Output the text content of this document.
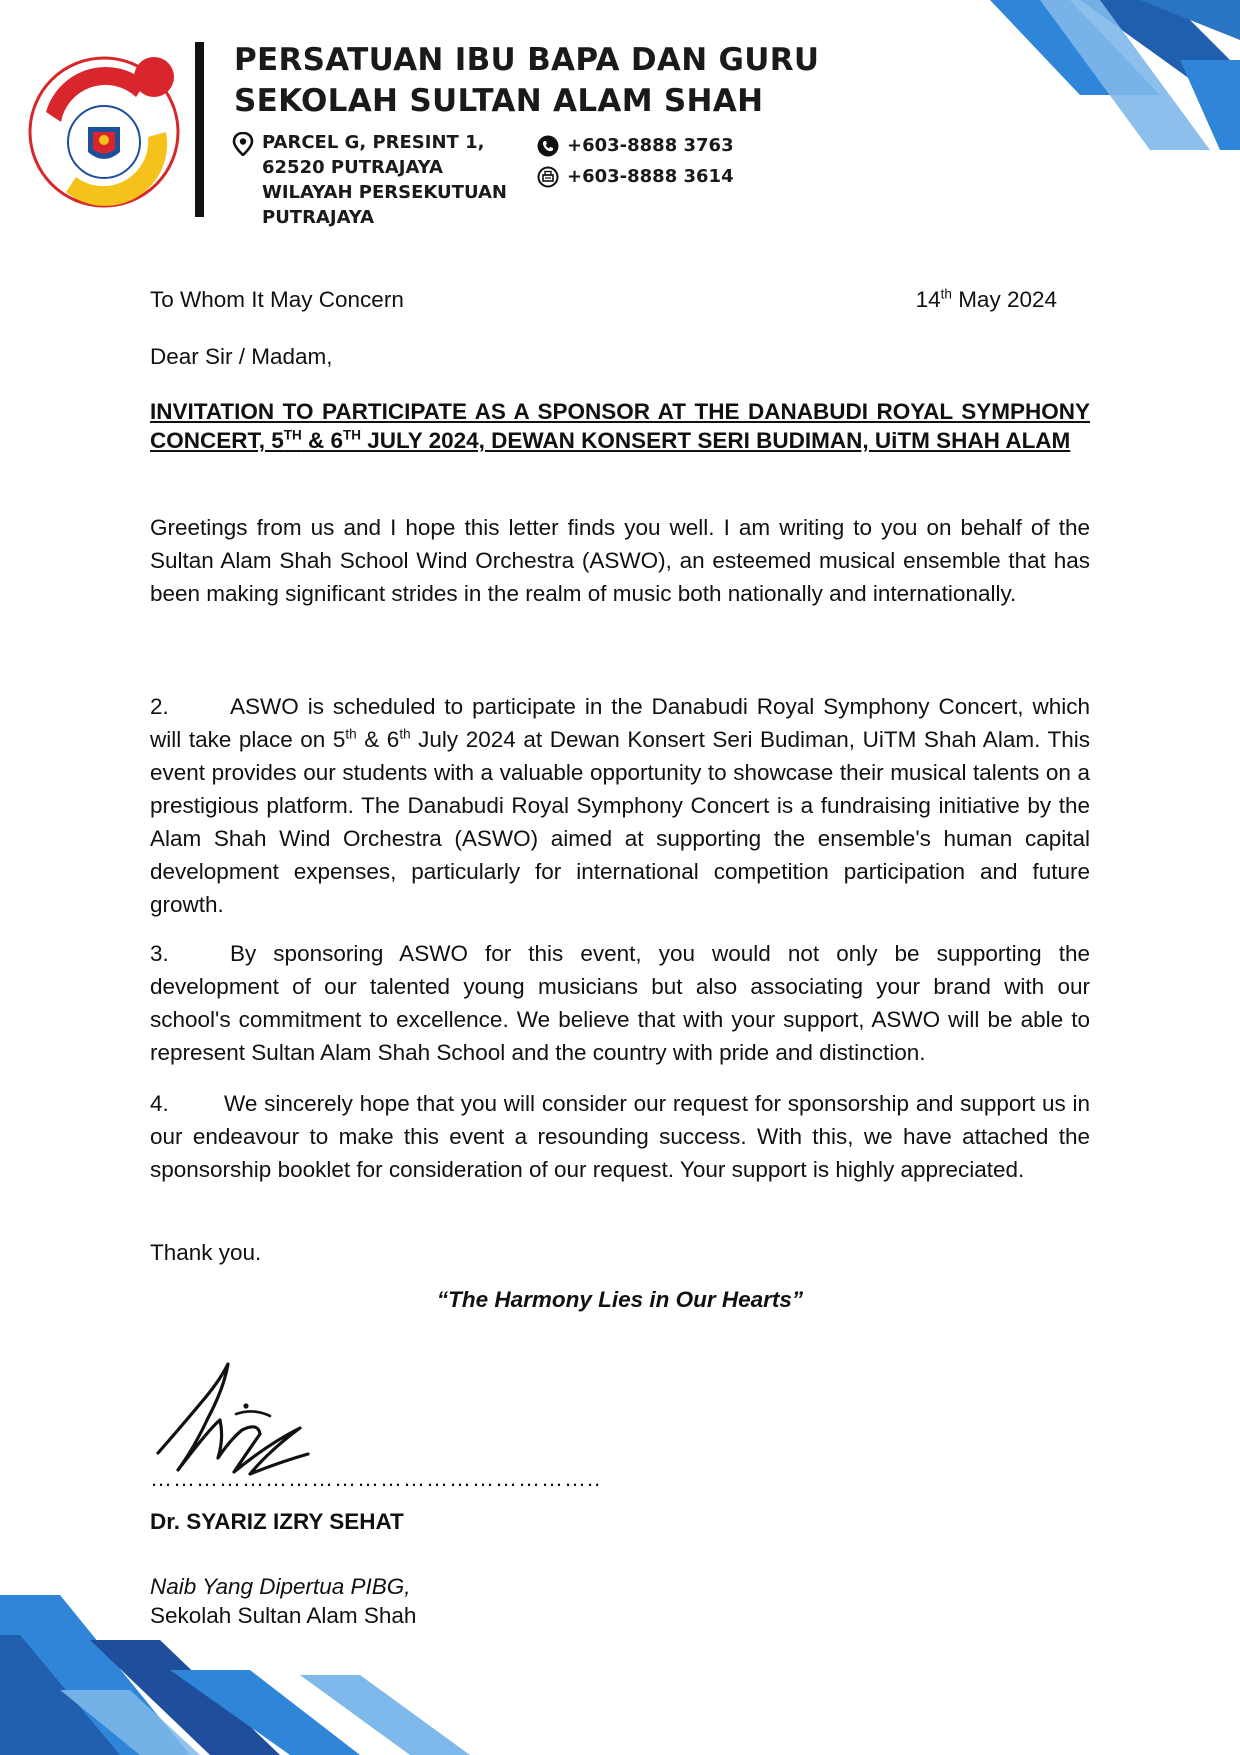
PERSATUAN IBU BAPA DAN GURU
SEKOLAH SULTAN ALAM SHAH
PARCEL G, PRESINT 1,
62520 PUTRAJAYA
WILAYAH PERSEKUTUAN
PUTRAJAYA
+603-8888 3763
+603-8888 3614
To Whom It May Concern	14th May 2024
Dear Sir / Madam,
INVITATION TO PARTICIPATE AS A SPONSOR AT THE DANABUDI ROYAL SYMPHONY CONCERT, 5TH & 6TH JULY 2024, DEWAN KONSERT SERI BUDIMAN, UiTM SHAH ALAM
Greetings from us and I hope this letter finds you well. I am writing to you on behalf of the Sultan Alam Shah School Wind Orchestra (ASWO), an esteemed musical ensemble that has been making significant strides in the realm of music both nationally and internationally.
2.	ASWO is scheduled to participate in the Danabudi Royal Symphony Concert, which will take place on 5th & 6th July 2024 at Dewan Konsert Seri Budiman, UiTM Shah Alam. This event provides our students with a valuable opportunity to showcase their musical talents on a prestigious platform. The Danabudi Royal Symphony Concert is a fundraising initiative by the Alam Shah Wind Orchestra (ASWO) aimed at supporting the ensemble's human capital development expenses, particularly for international competition participation and future growth.
3.	By sponsoring ASWO for this event, you would not only be supporting the development of our talented young musicians but also associating your brand with our school's commitment to excellence. We believe that with your support, ASWO will be able to represent Sultan Alam Shah School and the country with pride and distinction.
4. We sincerely hope that you will consider our request for sponsorship and support us in our endeavour to make this event a resounding success. With this, we have attached the sponsorship booklet for consideration of our request. Your support is highly appreciated.
Thank you.
“The Harmony Lies in Our Hearts”
…………………………………………………..
Dr. SYARIZ IZRY SEHAT
Naib Yang Dipertua PIBG,
Sekolah Sultan Alam Shah
